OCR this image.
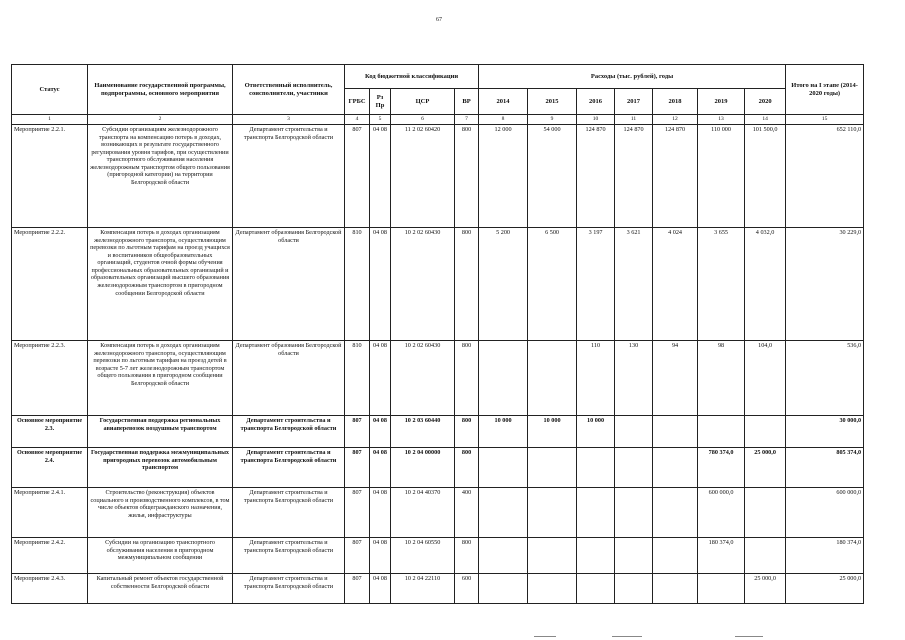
67
Статус	Наименование государственной программы, подпрограммы, основного мероприятия	Ответственный исполнитель, соисполнители, участники	Код бюджетной классификации				Расходы (тыс. рублей), годы							Итого на I этапе (2014-2020 годы)
			ГРБС	Рз Пр	ЦСР	ВР	2014	2015	2016	2017	2018	2019	2020	
1	2	3	4	5	6	7	8	9	10	11	12	13	14	15
Мероприятие 2.2.1.	Субсидии организациям железнодорожного транспорта на компенсацию потерь в доходах, возникающих в результате государственного регулирования уровня тарифов, при осуществлении транспортного обслуживания населения железнодорожным транспортом общего пользования (пригородной категории) на территории Белгородской области	Департамент строительства и транспорта Белгородской области	807	04 08	11 2 02 60420	800	12 000	54 000	124 870	124 870	124 870	110 000	101 500,0	652 110,0
Мероприятие 2.2.2.	Компенсация потерь в доходах организациям железнодорожного транспорта, осуществляющим перевозки по льготным тарифам на проезд учащихся и воспитанников общеобразовательных организаций, студентов очной формы обучения профессиональных образовательных организаций и образовательных организаций высшего образования железнодорожным транспортом в пригородном сообщении Белгородской области	Департамент образования Белгородской области	810	04 08	10 2 02 60430	800	5 200	6 500	3 197	3 621	4 024	3 655	4 032,0	30 229,0
Мероприятие 2.2.3.	Компенсация потерь в доходах организациям железнодорожного транспорта, осуществляющим перевозки по льготным тарифам на проезд детей в возрасте 5-7 лет железнодорожным транспортом общего пользования в пригородном сообщении Белгородской области	Департамент образования Белгородской области	810	04 08	10 2 02 60430	800			110	130	94	98	104,0	536,0
Основное мероприятие 2.3.	Государственная поддержка региональных авиаперевозок воздушным транспортом	Департамент строительства и транспорта Белгородской области	807	04 08	10 2 03 60440	800	10 000	10 000	10 000					30 000,0
Основное мероприятие 2.4.	Государственная поддержка межмуниципальных пригородных перевозок автомобильным транспортом	Департамент строительства и транспорта Белгородской области	807	04 08	10 2 04 00000	800						780 374,0	25 000,0	805 374,0
Мероприятие 2.4.1.	Строительство (реконструкция) объектов социального и производственного комплексов, в том числе объектов общегражданского назначения, жилья, инфраструктуры	Департамент строительства и транспорта Белгородской области	807	04 08	10 2 04 40370	400						600 000,0		600 000,0
Мероприятие 2.4.2.	Субсидии на организацию транспортного обслуживания населения в пригородном межмуниципальном сообщении	Департамент строительства и транспорта Белгородской области	807	04 08	10 2 04 60550	800						180 374,0		180 374,0
Мероприятие 2.4.3.	Капитальный ремонт объектов государственной собственности Белгородской области	Департамент строительства и транспорта Белгородской области	807	04 08	10 2 04 22110	600							25 000,0	25 000,0
